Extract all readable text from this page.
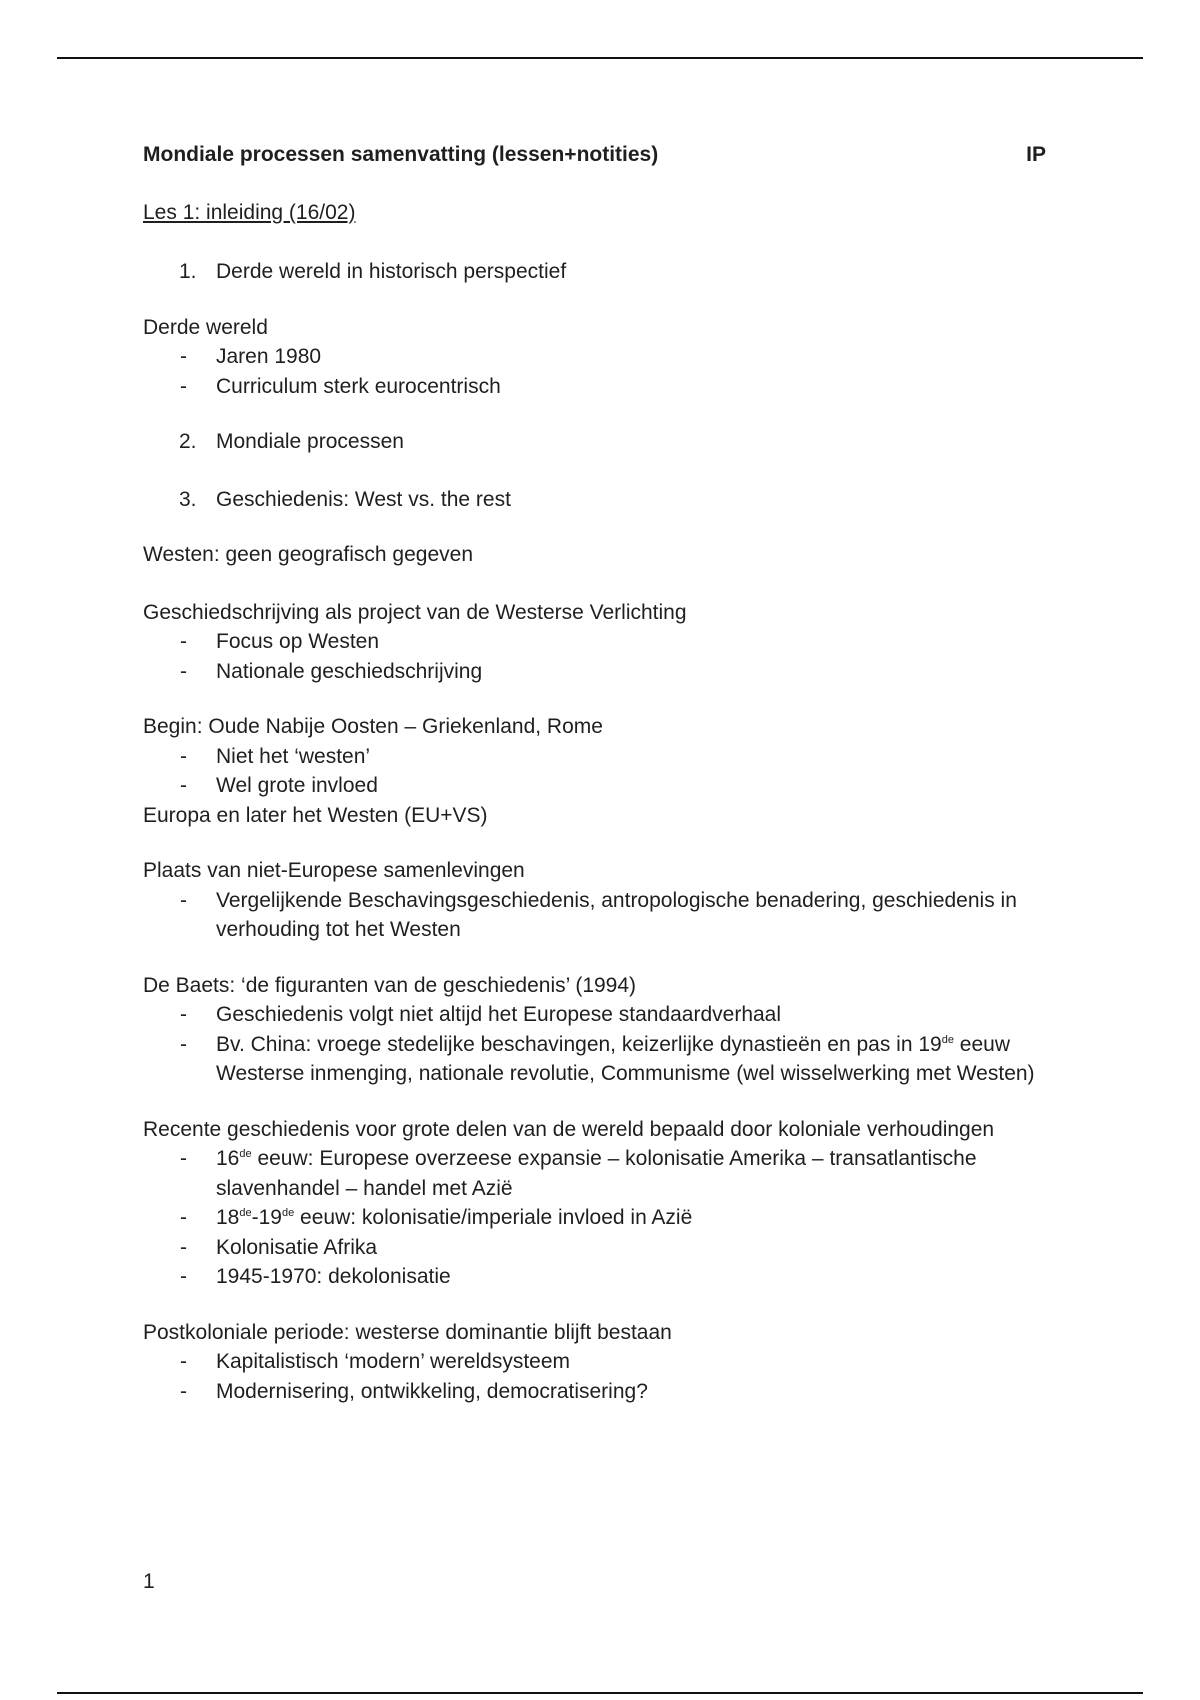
Mondiale processen samenvatting (lessen+notities)	IP
Les 1: inleiding (16/02)
1. Derde wereld in historisch perspectief
Derde wereld
- Jaren 1980
- Curriculum sterk eurocentrisch
2. Mondiale processen
3. Geschiedenis: West vs. the rest
Westen: geen geografisch gegeven
Geschiedschrijving als project van de Westerse Verlichting
- Focus op Westen
- Nationale geschiedschrijving
Begin: Oude Nabije Oosten – Griekenland, Rome
- Niet het ‘westen’
- Wel grote invloed
Europa en later het Westen (EU+VS)
Plaats van niet-Europese samenlevingen
- Vergelijkende Beschavingsgeschiedenis, antropologische benadering, geschiedenis in verhouding tot het Westen
De Baets: ‘de figuranten van de geschiedenis’ (1994)
- Geschiedenis volgt niet altijd het Europese standaardverhaal
- Bv. China: vroege stedelijke beschavingen, keizerlijke dynastieën en pas in 19de eeuw Westerse inmenging, nationale revolutie, Communisme (wel wisselwerking met Westen)
Recente geschiedenis voor grote delen van de wereld bepaald door koloniale verhoudingen
- 16de eeuw: Europese overzeese expansie – kolonisatie Amerika – transatlantische slavenhandel – handel met Azië
- 18de-19de eeuw: kolonisatie/imperiale invloed in Azië
- Kolonisatie Afrika
- 1945-1970: dekolonisatie
Postkoloniale periode: westerse dominantie blijft bestaan
- Kapitalistisch ‘modern’ wereldsysteem
- Modernisering, ontwikkeling, democratisering?
1
